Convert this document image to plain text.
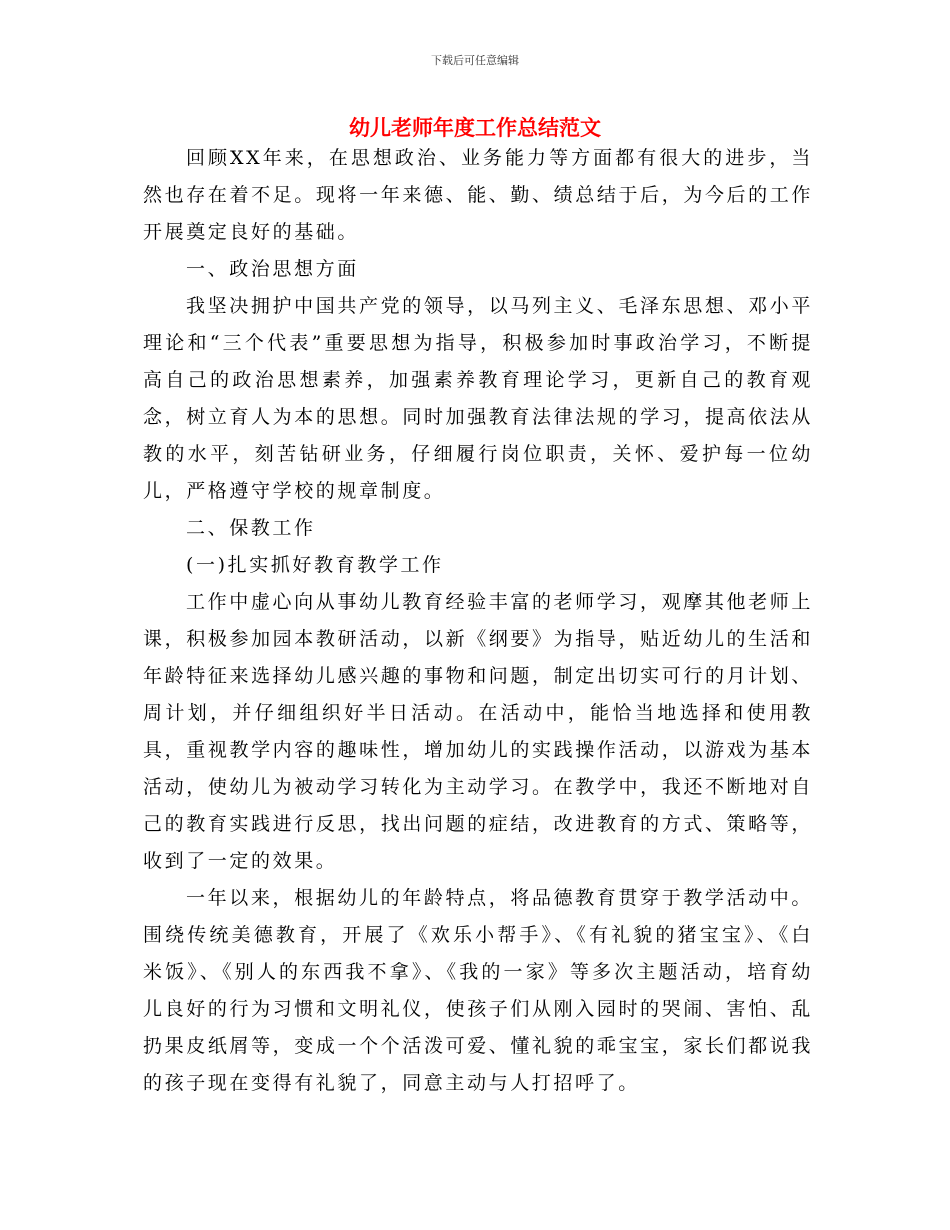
下载后可任意编辑
幼儿老师年度工作总结范文

回顾XX年来，在思想政治、业务能力等方面都有很大的进步，当然也存在着不足。现将一年来德、能、勤、绩总结于后，为今后的工作开展奠定良好的基础。

一、政治思想方面

我坚决拥护中国共产党的领导，以马列主义、毛泽东思想、邓小平理论和“三个代表”重要思想为指导，积极参加时事政治学习，不断提高自己的政治思想素养，加强素养教育理论学习，更新自己的教育观念，树立育人为本的思想。同时加强教育法律法规的学习，提高依法从教的水平，刻苦钻研业务，仔细履行岗位职责，关怀、爱护每一位幼儿，严格遵守学校的规章制度。

二、保教工作

(一)扎实抓好教育教学工作

工作中虚心向从事幼儿教育经验丰富的老师学习，观摩其他老师上课，积极参加园本教研活动，以新《纲要》为指导，贴近幼儿的生活和年龄特征来选择幼儿感兴趣的事物和问题，制定出切实可行的月计划、周计划，并仔细组织好半日活动。在活动中，能恰当地选择和使用教具，重视教学内容的趣味性，增加幼儿的实践操作活动，以游戏为基本活动，使幼儿为被动学习转化为主动学习。在教学中，我还不断地对自己的教育实践进行反思，找出问题的症结，改进教育的方式、策略等，收到了一定的效果。

一年以来，根据幼儿的年龄特点，将品德教育贯穿于教学活动中。围绕传统美德教育，开展了《欢乐小帮手》、《有礼貌的猪宝宝》、《白米饭》、《别人的东西我不拿》、《我的一家》等多次主题活动，培育幼儿良好的行为习惯和文明礼仪，使孩子们从刚入园时的哭闹、害怕、乱扔果皮纸屑等，变成一个个活泼可爱、懂礼貌的乖宝宝，家长们都说我的孩子现在变得有礼貌了，同意主动与人打招呼了。
